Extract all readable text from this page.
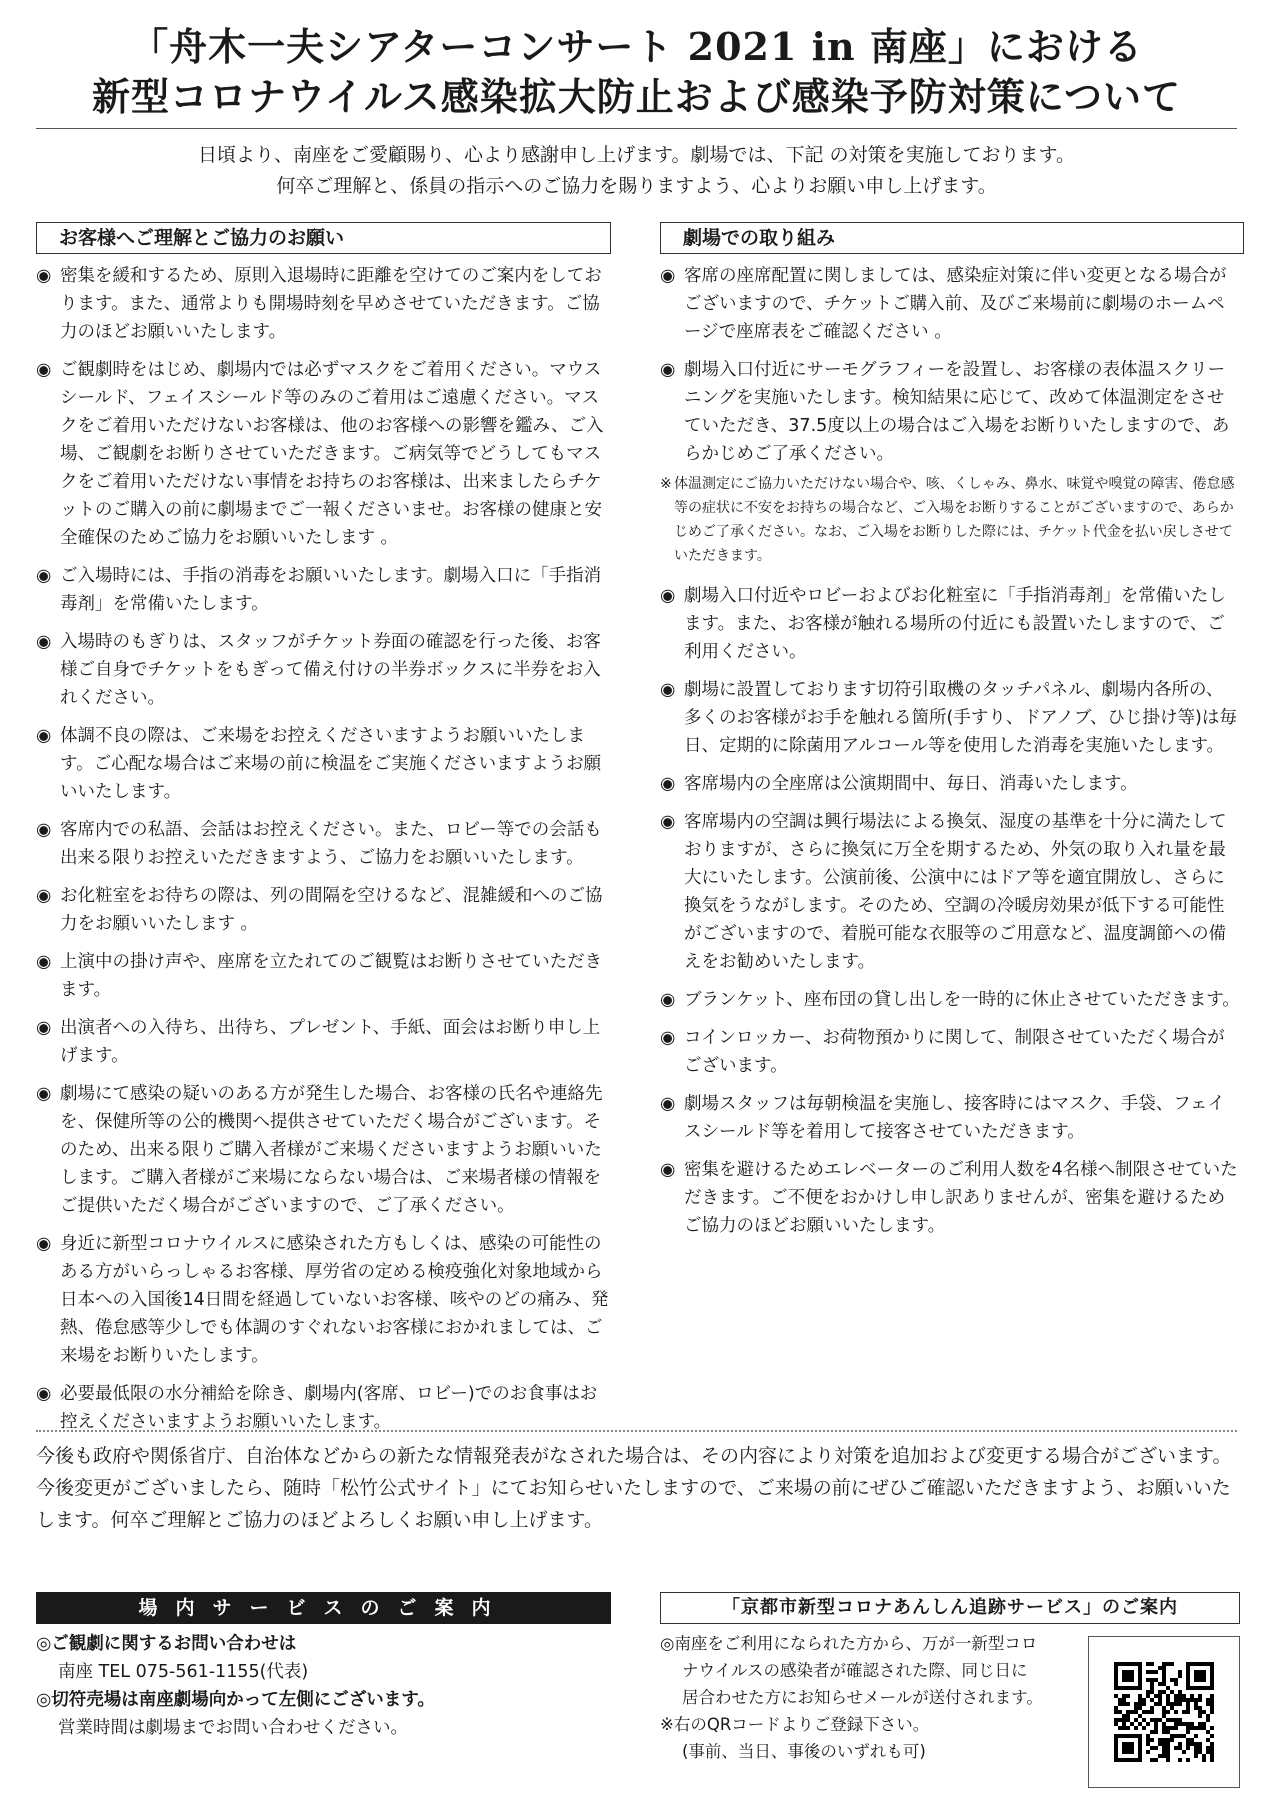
「舟木一夫シアターコンサート 2021 in 南座」における
新型コロナウイルス感染拡大防止および感染予防対策について
日頃より、南座をご愛顧賜り、心より感謝申し上げます。劇場では、下記 の対策を実施しております。
何卒ご理解と、係員の指示へのご協力を賜りますよう、心よりお願い申し上げます。
お客様へご理解とご協力のお願い
◉ 密集を緩和するため、原則入退場時に距離を空けてのご案内をしております。また、通常よりも開場時刻を早めさせていただきます。ご協力のほどお願いいたします。
◉ ご観劇時をはじめ、劇場内では必ずマスクをご着用ください。マウスシールド、フェイスシールド等のみのご着用はご遠慮ください。マスクをご着用いただけないお客様は、他のお客様への影響を鑑み、ご入場、ご観劇をお断りさせていただきます。ご病気等でどうしてもマスクをご着用いただけない事情をお持ちのお客様は、出来ましたらチケットのご購入の前に劇場までご一報くださいませ。お客様の健康と安全確保のためご協力をお願いいたします 。
◉ ご入場時には、手指の消毒をお願いいたします。劇場入口に「手指消毒剤」を常備いたします。
◉ 入場時のもぎりは、スタッフがチケット券面の確認を行った後、お客様ご自身でチケットをもぎって備え付けの半券ボックスに半券をお入れください。
◉ 体調不良の際は、ご来場をお控えくださいますようお願いいたします。ご心配な場合はご来場の前に検温をご実施くださいますようお願いいたします。
◉ 客席内での私語、会話はお控えください。また、ロビー等での会話も出来る限りお控えいただきますよう、ご協力をお願いいたします。
◉ お化粧室をお待ちの際は、列の間隔を空けるなど、混雑緩和へのご協力をお願いいたします 。
◉ 上演中の掛け声や、座席を立たれてのご観覧はお断りさせていただきます。
◉ 出演者への入待ち、出待ち、プレゼント、手紙、面会はお断り申し上げます。
◉ 劇場にて感染の疑いのある方が発生した場合、お客様の氏名や連絡先を、保健所等の公的機関へ提供させていただく場合がございます。そのため、出来る限りご購入者様がご来場くださいますようお願いいたします。ご購入者様がご来場にならない場合は、ご来場者様の情報をご提供いただく場合がございますので、ご了承ください。
◉ 身近に新型コロナウイルスに感染された方もしくは、感染の可能性のある方がいらっしゃるお客様、厚労省の定める検疫強化対象地域から日本への入国後14日間を経過していないお客様、咳やのどの痛み、発熱、倦怠感等少しでも体調のすぐれないお客様におかれましては、ご来場をお断りいたします。
◉ 必要最低限の水分補給を除き、劇場内(客席、ロビー)でのお食事はお控えくださいますようお願いいたします。
劇場での取り組み
◉ 客席の座席配置に関しましては、感染症対策に伴い変更となる場合がございますので、チケットご購入前、及びご来場前に劇場のホームページで座席表をご確認ください 。
◉ 劇場入口付近にサーモグラフィーを設置し、お客様の表体温スクリーニングを実施いたします。検知結果に応じて、改めて体温測定をさせていただき、37.5度以上の場合はご入場をお断りいたしますので、あらかじめご了承ください。
※ 体温測定にご協力いただけない場合や、咳、くしゃみ、鼻水、味覚や嗅覚の障害、倦怠感等の症状に不安をお持ちの場合など、ご入場をお断りすることがございますので、あらかじめご了承ください。なお、ご入場をお断りした際には、チケット代金を払い戻しさせていただきます。
◉ 劇場入口付近やロビーおよびお化粧室に「手指消毒剤」を常備いたします。また、お客様が触れる場所の付近にも設置いたしますので、ご利用ください。
◉ 劇場に設置しております切符引取機のタッチパネル、劇場内各所の、多くのお客様がお手を触れる箇所(手すり、ドアノブ、ひじ掛け等)は毎日、定期的に除菌用アルコール等を使用した消毒を実施いたします。
◉ 客席場内の全座席は公演期間中、毎日、消毒いたします。
◉ 客席場内の空調は興行場法による換気、湿度の基準を十分に満たしておりますが、さらに換気に万全を期するため、外気の取り入れ量を最大にいたします。公演前後、公演中にはドア等を適宜開放し、さらに換気をうながします。そのため、空調の冷暖房効果が低下する可能性がございますので、着脱可能な衣服等のご用意など、温度調節への備えをお勧めいたします。
◉ ブランケット、座布団の貸し出しを一時的に休止させていただきます。
◉ コインロッカー、お荷物預かりに関して、制限させていただく場合がございます。
◉ 劇場スタッフは毎朝検温を実施し、接客時にはマスク、手袋、フェイスシールド等を着用して接客させていただきます。
◉ 密集を避けるためエレベーターのご利用人数を4名様へ制限させていただきます。ご不便をおかけし申し訳ありませんが、密集を避けるためご協力のほどお願いいたします。
今後も政府や関係省庁、自治体などからの新たな情報発表がなされた場合は、その内容により対策を追加および変更する場合がございます。
今後変更がございましたら、随時「松竹公式サイト」にてお知らせいたしますので、ご来場の前にぜひご確認いただきますよう、お願いいたします。何卒ご理解とご協力のほどよろしくお願い申し上げます。
場内サービスのご案内
◎ご観劇に関するお問い合わせは
南座 TEL 075-561-1155(代表)
◎切符売場は南座劇場向かって左側にございます。
営業時間は劇場までお問い合わせください。
「京都市新型コロナあんしん追跡サービス」のご案内
◎南座をご利用になられた方から、万が一新型コロ
ナウイルスの感染者が確認された際、同じ日に
居合わせた方にお知らせメールが送付されます。
※右のQRコードよりご登録下さい。
(事前、当日、事後のいずれも可)
